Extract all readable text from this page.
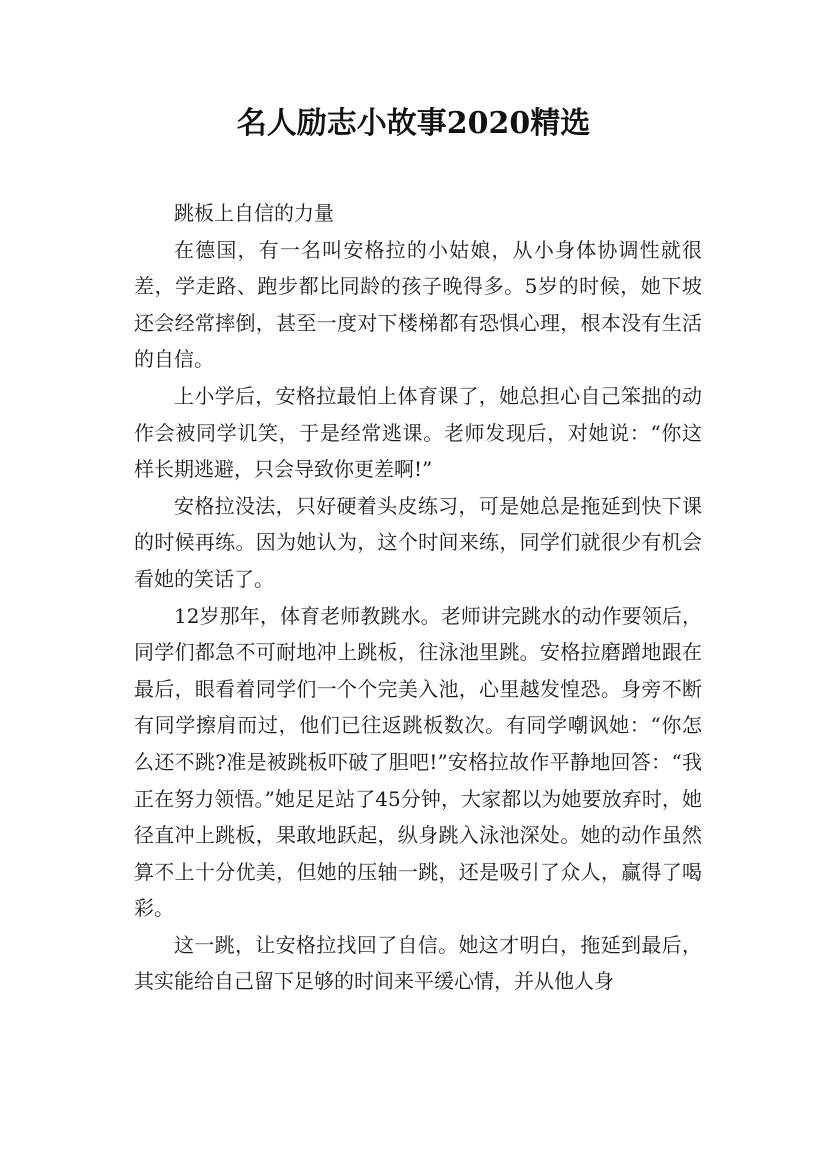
名人励志小故事2020精选

跳板上自信的力量

在德国，有一名叫安格拉的小姑娘，从小身体协调性就很差，学走路、跑步都比同龄的孩子晚得多。5岁的时候，她下坡还会经常摔倒，甚至一度对下楼梯都有恐惧心理，根本没有生活的自信。

上小学后，安格拉最怕上体育课了，她总担心自己笨拙的动作会被同学讥笑，于是经常逃课。老师发现后，对她说：“你这样长期逃避，只会导致你更差啊!”

安格拉没法，只好硬着头皮练习，可是她总是拖延到快下课的时候再练。因为她认为，这个时间来练，同学们就很少有机会看她的笑话了。

12岁那年，体育老师教跳水。老师讲完跳水的动作要领后，同学们都急不可耐地冲上跳板，往泳池里跳。安格拉磨蹭地跟在最后，眼看着同学们一个个完美入池，心里越发惶恐。身旁不断有同学擦肩而过，他们已往返跳板数次。有同学嘲讽她：“你怎么还不跳?准是被跳板吓破了胆吧!”安格拉故作平静地回答：“我正在努力领悟。”她足足站了45分钟，大家都以为她要放弃时，她径直冲上跳板，果敢地跃起，纵身跳入泳池深处。她的动作虽然算不上十分优美，但她的压轴一跳，还是吸引了众人，赢得了喝彩。

这一跳，让安格拉找回了自信。她这才明白，拖延到最后，其实能给自己留下足够的时间来平缓心情，并从他人身
